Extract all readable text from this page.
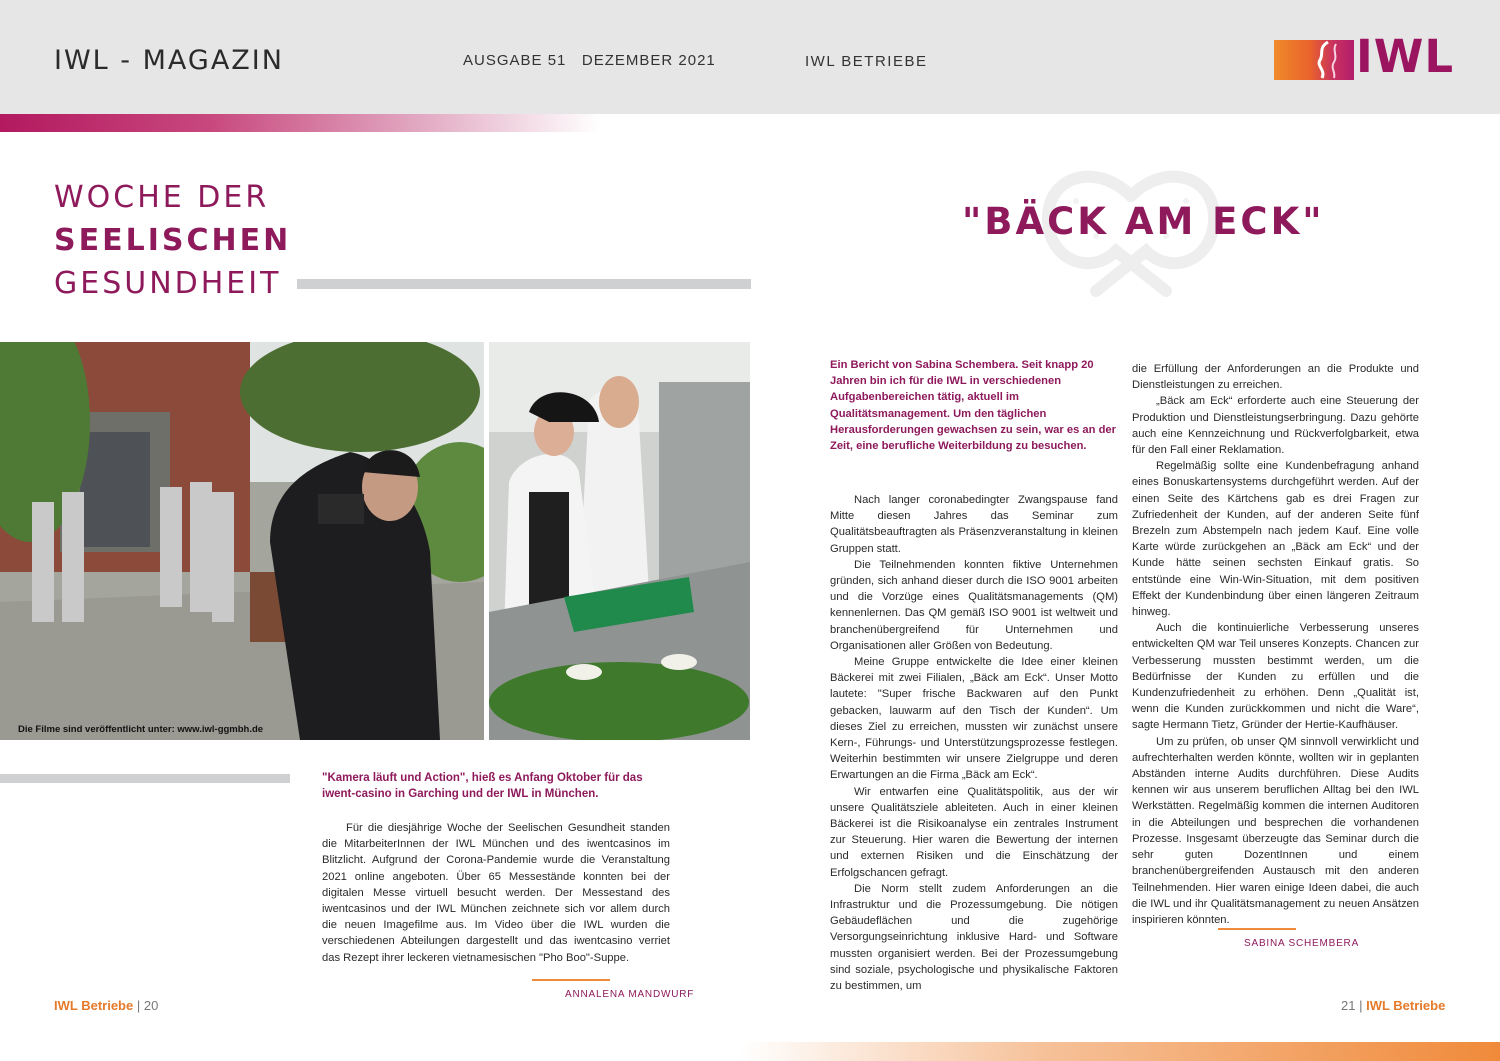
IWL - MAGAZIN	AUSGABE 51   DEZEMBER 2021	IWL BETRIEBE	IWL
WOCHE DER
SEELISCHEN
GESUNDHEIT
Die Filme sind veröffentlicht unter: www.iwl-ggmbh.de
"Kamera läuft und Action", hieß es Anfang Oktober für das iwent-casino in Garching und der IWL in München.

Für die diesjährige Woche der Seelischen Gesundheit standen die MitarbeiterInnen der IWL München und des iwentcasinos im Blitzlicht. Aufgrund der Corona-Pandemie wurde die Veranstaltung 2021 online angeboten. Über 65 Messestände konnten bei der digitalen Messe virtuell besucht werden. Der Messestand des iwentcasinos und der IWL München zeichnete sich vor allem durch die neuen Imagefilme aus. Im Video über die IWL wurden die verschiedenen Abteilungen dargestellt und das iwentcasino verriet das Rezept ihrer leckeren vietnamesischen "Pho Boo"-Suppe.

ANNALENA MANDWURF
IWL Betriebe | 20
"BÄCK AM ECK"
Ein Bericht von Sabina Schembera. Seit knapp 20 Jahren bin ich für die IWL in verschiedenen Aufgabenbereichen tätig, aktuell im Qualitätsmanagement. Um den täglichen Herausforderungen gewachsen zu sein, war es an der Zeit, eine berufliche Weiterbildung zu besuchen.

Nach langer coronabedingter Zwangspause fand Mitte diesen Jahres das Seminar zum Qualitätsbeauftragten als Präsenzveranstaltung in kleinen Gruppen statt.

Die Teilnehmenden konnten fiktive Unternehmen gründen, sich anhand dieser durch die ISO 9001 arbeiten und die Vorzüge eines Qualitätsmanagements (QM) kennenlernen. Das QM gemäß ISO 9001 ist weltweit und branchenübergreifend für Unternehmen und Organisationen aller Größen von Bedeutung.

Meine Gruppe entwickelte die Idee einer kleinen Bäckerei mit zwei Filialen, „Bäck am Eck“. Unser Motto lautete: "Super frische Backwaren auf den Punkt gebacken, lauwarm auf den Tisch der Kunden“. Um dieses Ziel zu erreichen, mussten wir zunächst unsere Kern-, Führungs- und Unterstützungsprozesse festlegen. Weiterhin bestimmten wir unsere Zielgruppe und deren Erwartungen an die Firma „Bäck am Eck“.

Wir entwarfen eine Qualitätspolitik, aus der wir unsere Qualitätsziele ableiteten. Auch in einer kleinen Bäckerei ist die Risikoanalyse ein zentrales Instrument zur Steuerung. Hier waren die Bewertung der internen und externen Risiken und die Einschätzung der Erfolgschancen gefragt.

Die Norm stellt zudem Anforderungen an die Infrastruktur und die Prozessumgebung. Die nötigen Gebäudeflächen und die zugehörige Versorgungseinrichtung inklusive Hard- und Software mussten organisiert werden. Bei der Prozessumgebung sind soziale, psychologische und physikalische Faktoren zu bestimmen, um

die Erfüllung der Anforderungen an die Produkte und Dienstleistungen zu erreichen.

„Bäck am Eck“ erforderte auch eine Steuerung der Produktion und Dienstleistungserbringung. Dazu gehörte auch eine Kennzeichnung und Rückverfolgbarkeit, etwa für den Fall einer Reklamation.

Regelmäßig sollte eine Kundenbefragung anhand eines Bonuskartensystems durchgeführt werden. Auf der einen Seite des Kärtchens gab es drei Fragen zur Zufriedenheit der Kunden, auf der anderen Seite fünf Brezeln zum Abstempeln nach jedem Kauf. Eine volle Karte würde zurückgehen an „Bäck am Eck“ und der Kunde hätte seinen sechsten Einkauf gratis. So entstünde eine Win-Win-Situation, mit dem positiven Effekt der Kundenbindung über einen längeren Zeitraum hinweg.

Auch die kontinuierliche Verbesserung unseres entwickelten QM war Teil unseres Konzepts. Chancen zur Verbesserung mussten bestimmt werden, um die Bedürfnisse der Kunden zu erfüllen und die Kundenzufriedenheit zu erhöhen. Denn „Qualität ist, wenn die Kunden zurückkommen und nicht die Ware“, sagte Hermann Tietz, Gründer der Hertie-Kaufhäuser.

Um zu prüfen, ob unser QM sinnvoll verwirklicht und aufrechterhalten werden könnte, wollten wir in geplanten Abständen interne Audits durchführen. Diese Audits kennen wir aus unserem beruflichen Alltag bei den IWL Werkstätten. Regelmäßig kommen die internen Auditoren in die Abteilungen und besprechen die vorhandenen Prozesse. Insgesamt überzeugte das Seminar durch die sehr guten DozentInnen und einem branchenübergreifenden Austausch mit den anderen Teilnehmenden. Hier waren einige Ideen dabei, die auch die IWL und ihr Qualitätsmanagement zu neuen Ansätzen inspirieren könnten.

SABINA SCHEMBERA
21 | IWL Betriebe
